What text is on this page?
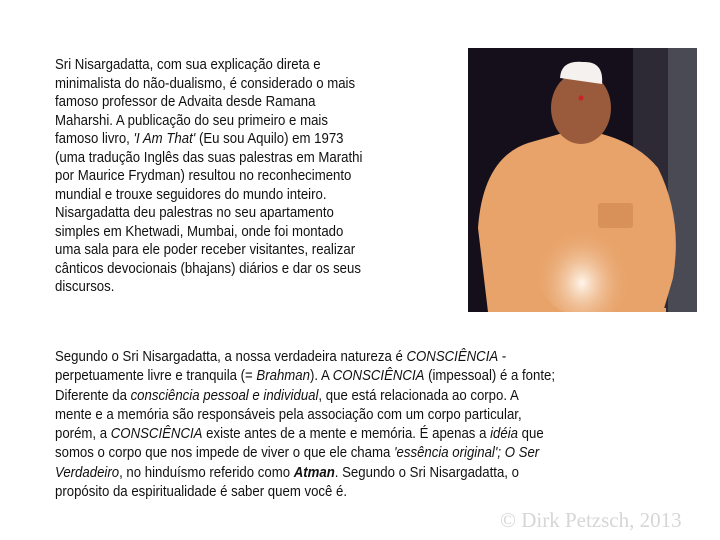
Sri Nisargadatta, com sua explicação direta e
minimalista do não-dualismo, é considerado o mais
famoso professor de Advaita desde Ramana
Maharshi. A publicação do seu primeiro e mais
famoso livro, 'I Am That' (Eu sou Aquilo) em 1973
(uma tradução Inglês das suas palestras em Marathi
por Maurice Frydman) resultou no reconhecimento
mundial e trouxe seguidores do mundo inteiro.
Nisargadatta deu palestras no seu apartamento
simples em Khetwadi, Mumbai, onde foi montado
uma sala para ele poder receber visitantes, realizar
cânticos devocionais (bhajans) diários e dar os seus
discursos.
Segundo o Sri Nisargadatta, a nossa verdadeira natureza é CONSCIÊNCIA -
perpetuamente livre e tranquila (= Brahman). A CONSCIÊNCIA (impessoal) é a fonte;
Diferente da consciência pessoal e individual, que está relacionada ao corpo. A
mente e a memória são responsáveis pela associação com um corpo particular,
porém, a CONSCIÊNCIA existe antes de a mente e memória. É apenas a idéia que
somos o corpo que nos impede de viver o que ele chama 'essência original'; O Ser
Verdadeiro, no hinduísmo referido como Atman. Segundo o Sri Nisargadatta, o
propósito da espiritualidade é saber quem você é.
© Dirk Petzsch, 2013
